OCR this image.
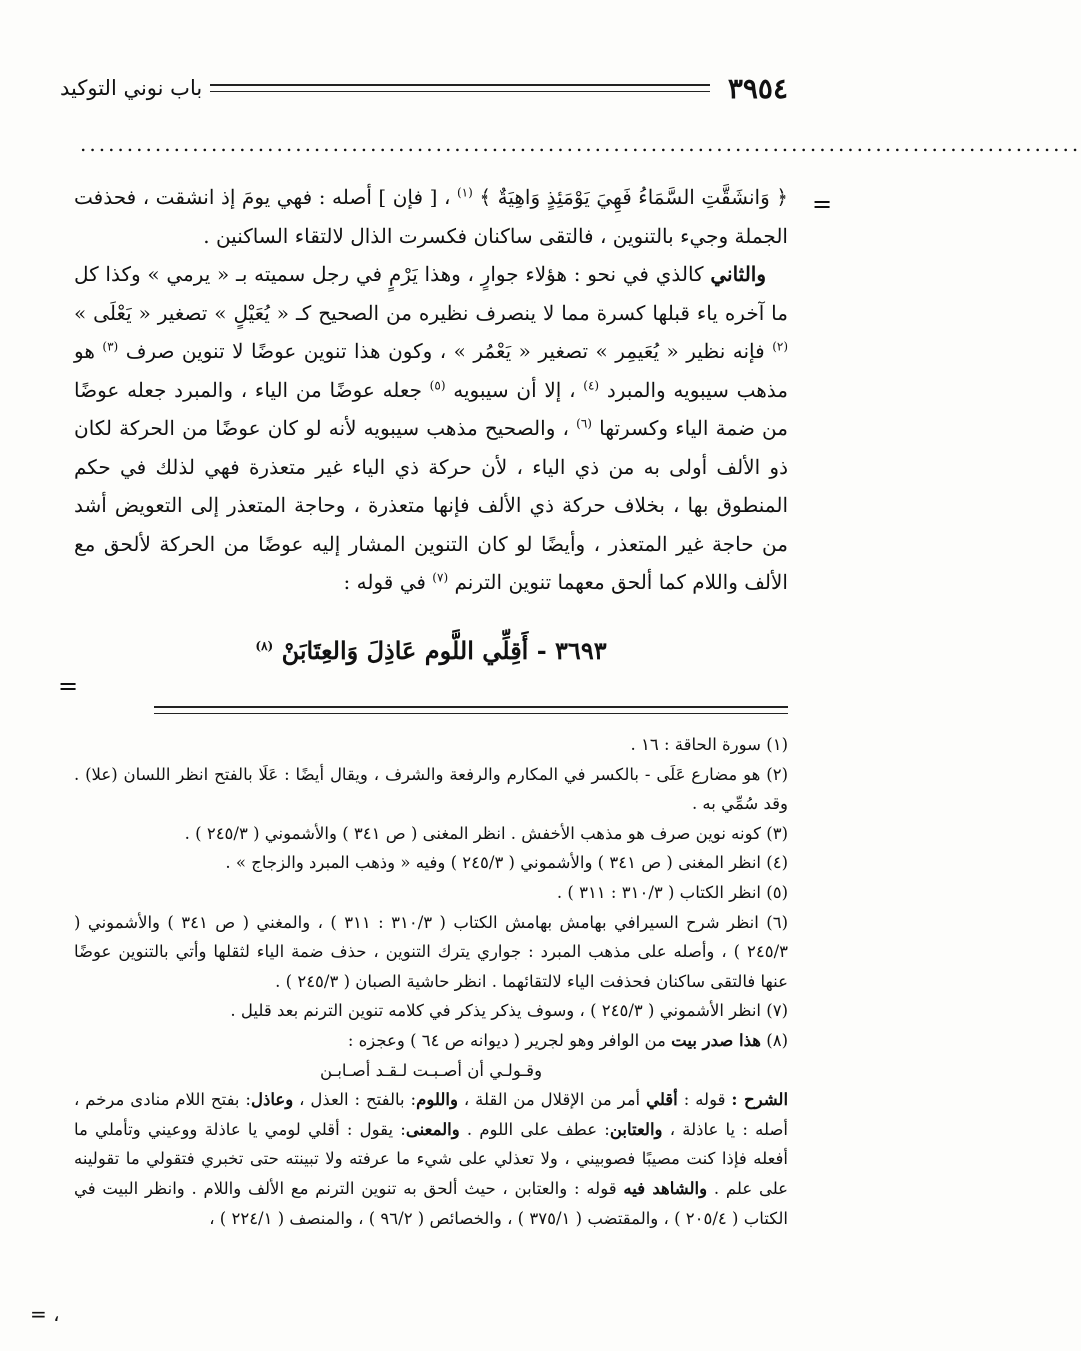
٣٩٥٤
باب نوني التوكيد
...........................................................................................................
=

﴿ وَانشَقَّتِ السَّمَاءُ فَهِيَ يَوْمَئِذٍ وَاهِيَةٌ ﴾ $^{(١)}$ ، [ فإن ] أصله : فهي يومَ إذ انشقت ، فحذفت الجملة وجيء بالتنوين ، فالتقى ساكنان فكسرت الذال لالتقاء الساكنين .

والثاني كالذي في نحو : هؤلاء جوارٍ ، وهذا يَرْمٍ في رجل سميته بـ « يرمي » وكذا كل ما آخره ياء قبلها كسرة مما لا ينصرف نظيره من الصحيح كـ « يُعَيْلٍ » تصغير « يَعْلَى » $^{(٢)}$ فإنه نظير « يُعَيمِر » تصغير « يَعْمُر » ، وكون هذا تنوين عوضًا لا تنوين صرف $^{(٣)}$ هو مذهب سيبويه والمبرد $^{(٤)}$ ، إلا أن سيبويه $^{(٥)}$ جعله عوضًا من الياء ، والمبرد جعله عوضًا من ضمة الياء وكسرتها $^{(٦)}$ ، والصحيح مذهب سيبويه لأنه لو كان عوضًا من الحركة لكان ذو الألف أولى به من ذي الياء ، لأن حركة ذي الياء غير متعذرة فهي لذلك في حكم المنطوق بها ، بخلاف حركة ذي الألف فإنها متعذرة ، وحاجة المتعذر إلى التعويض أشد من حاجة غير المتعذر ، وأيضًا لو كان التنوين المشار إليه عوضًا من الحركة لألحق مع الألف واللام كما ألحق معهما تنوين الترنم $^{(٧)}$ في قوله :

٣٦٩٣ - أَقِلِّي اللَّوم عَاذِلَ وَالعِتَابَنْ $^{(٨)}$
=

(١) سورة الحاقة : ١٦ .

(٢) هو مضارع عَلَى - بالكسر في المكارم والرفعة والشرف ، ويقال أيضًا : عَلَا بالفتح انظر اللسان (علا) . وقد سُمِّي به .

(٣) كونه نوين صرف هو مذهب الأخفش . انظر المغنى ( ص ٣٤١ ) والأشموني ( ٢٤٥/٣ ) .

(٤) انظر المغنى ( ص ٣٤١ ) والأشموني ( ٢٤٥/٣ ) وفيه « وذهب المبرد والزجاج » .

(٥) انظر الكتاب ( ٣١٠/٣ : ٣١١ ) .

(٦) انظر شرح السيرافي بهامش بهامش الكتاب ( ٣١٠/٣ : ٣١١ ) ، والمغني ( ص ٣٤١ ) والأشموني ( ٢٤٥/٣ ) ، وأصله على مذهب المبرد : جواري يترك التنوين ، حذف ضمة الياء لثقلها وأتي بالتنوين عوضًا عنها فالتقى ساكنان فحذفت الياء لالتقائهما . انظر حاشية الصبان ( ٢٤٥/٣ ) .

(٧) انظر الأشموني ( ٢٤٥/٣ ) ، وسوف يذكر يذكر في كلامه تنوين الترنم بعد قليل .

(٨) هذا صدر بيت من الوافر وهو لجرير ( ديوانه ص ٦٤ ) وعجزه :

وقـولـي أن أصـبـت لـقـد أصـابـن

الشرح : قوله : أقلي أمر من الإقلال من القلة ، واللوم: بالفتح : العذل ، وعاذل: بفتح اللام منادى مرخم ، أصله : يا عاذلة ، والعتابن: عطف على اللوم . والمعنى: يقول : أقلي لومي يا عاذلة ووعيني وتأملي ما أفعله فإذا كنت مصيبًا فصوبيني ، ولا تعذلي على شيء ما عرفته ولا تبينته حتى تخبري فتقولي ما تقولينه على علم . والشاهد فيه قوله : والعتابن ، حيث ألحق به تنوين الترنم مع الألف واللام . وانظر البيت في الكتاب ( ٢٠٥/٤ ) ، والمقتضب ( ٣٧٥/١ ) ، والخصائص ( ٩٦/٢ ) ، والمنصف ( ٢٢٤/١ ) ،

= ،
